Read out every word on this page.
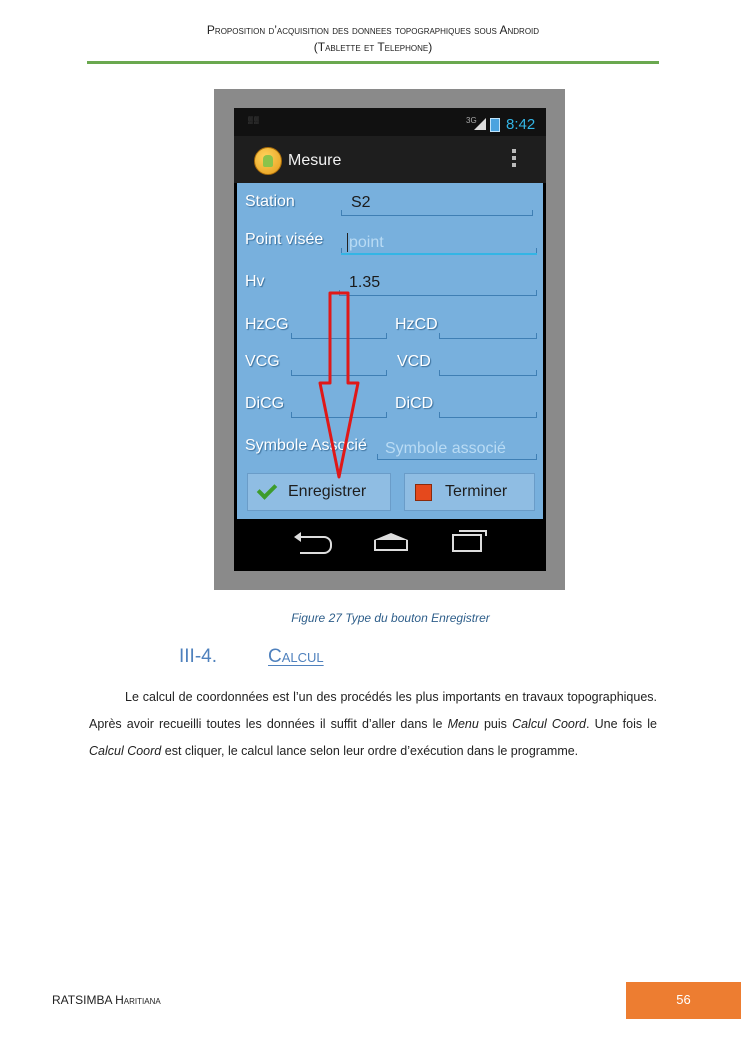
Proposition d’acquisition des donnees topographiques sous Android
(Tablette et Telephone)
▒▒	3G 8:42
Mesure
Station	S2
Point visée point
Hv	1.35
HzCG	HzCD
VCG	VCD
DiCG	DiCD
Symbole Associé Symbole associé
Enregistrer	Terminer
Figure 27 Type du bouton Enregistrer
III-4.	Calcul

Le calcul de coordonnées est l’un des procédés les plus importants en travaux topographiques. Après avoir recueilli toutes les données il suffit d’aller dans le Menu puis Calcul Coord. Une fois le Calcul Coord est cliquer, le calcul lance selon leur ordre d’exécution dans le programme.

RATSIMBA Haritiana	56
